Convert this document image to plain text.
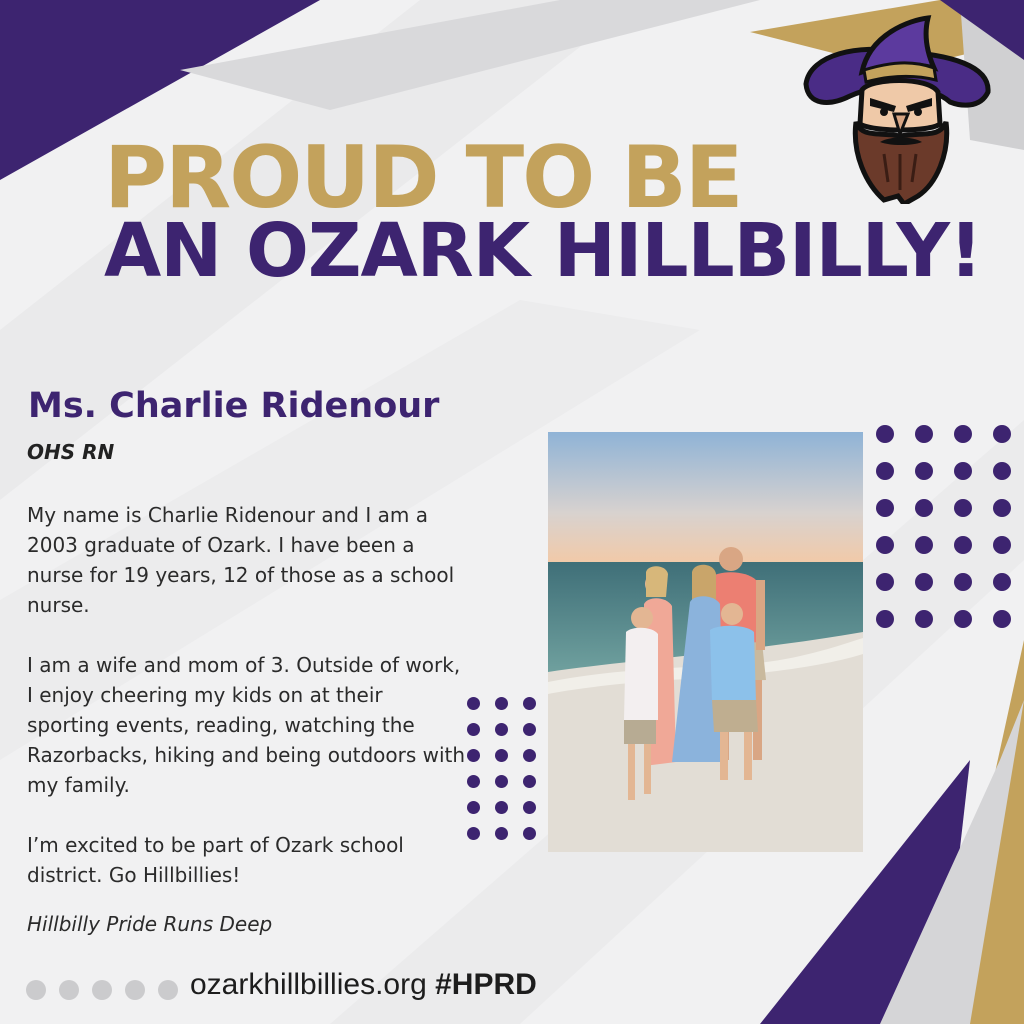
PROUD TO BE
AN OZARK HILLBILLY!
Ms. Charlie Ridenour
OHS RN

My name is Charlie Ridenour and I am a 2003 graduate of Ozark. I have been a nurse for 19 years, 12 of those as a school nurse.

I am a wife and mom of 3. Outside of work, I enjoy cheering my kids on at their sporting events, reading, watching the Razorbacks, hiking and being outdoors with my family.

I’m excited to be part of Ozark school district. Go Hillbillies!

Hillbilly Pride Runs Deep
ozarkhillbillies.org #HPRD
